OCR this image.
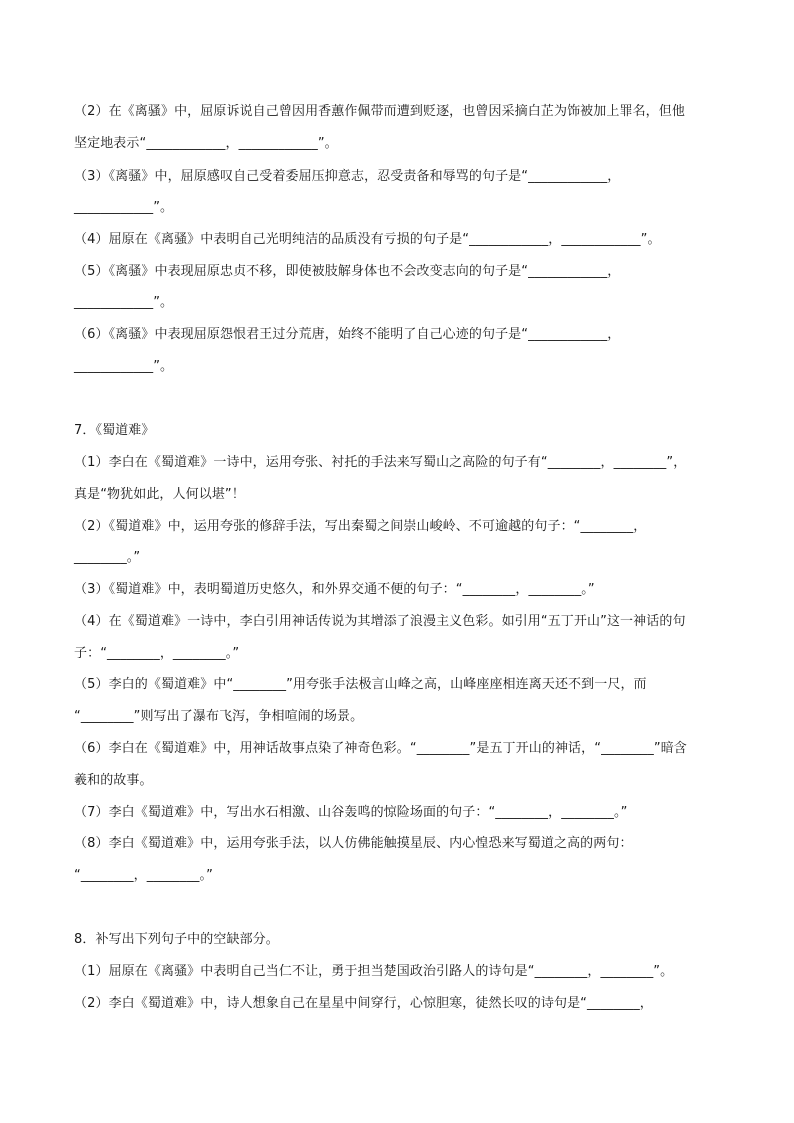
（2）在《离骚》中，屈原诉说自己曾因用香蕙作佩带而遭到贬逐，也曾因采摘白芷为饰被加上罪名，但他
坚定地表示“____________，____________”。
（3）《离骚》中，屈原感叹自己受着委屈压抑意志，忍受责备和辱骂的句子是“____________，
____________”。
（4）屈原在《离骚》中表明自己光明纯洁的品质没有亏损的句子是“____________，____________”。
（5）《离骚》中表现屈原忠贞不移，即使被肢解身体也不会改变志向的句子是“____________，
____________”。
（6）《离骚》中表现屈原怨恨君王过分荒唐，始终不能明了自己心迹的句子是“____________，
____________”。
7．《蜀道难》
（1）李白在《蜀道难》一诗中，运用夸张、衬托的手法来写蜀山之高险的句子有“________，________”，
真是“物犹如此，人何以堪”！
（2）《蜀道难》中，运用夸张的修辞手法，写出秦蜀之间崇山峻岭、不可逾越的句子：“________，
________。”
（3）《蜀道难》中，表明蜀道历史悠久，和外界交通不便的句子：“________，________。”
（4）在《蜀道难》一诗中，李白引用神话传说为其增添了浪漫主义色彩。如引用“五丁开山”这一神话的句
子：“________，________。”
（5）李白的《蜀道难》中“________”用夸张手法极言山峰之高，山峰座座相连离天还不到一尺，而
“________”则写出了瀑布飞泻，争相喧闹的场景。
（6）李白在《蜀道难》中，用神话故事点染了神奇色彩。“________”是五丁开山的神话，“________”暗含
羲和的故事。
（7）李白《蜀道难》中，写出水石相激、山谷轰鸣的惊险场面的句子：“________，________。”
（8）李白《蜀道难》中，运用夸张手法，以人仿佛能触摸星辰、内心惶恐来写蜀道之高的两句：
“________，________。”
8．补写出下列句子中的空缺部分。
（1）屈原在《离骚》中表明自己当仁不让，勇于担当楚国政治引路人的诗句是“________，________”。
（2）李白《蜀道难》中，诗人想象自己在星星中间穿行，心惊胆寒，徒然长叹的诗句是“________，
